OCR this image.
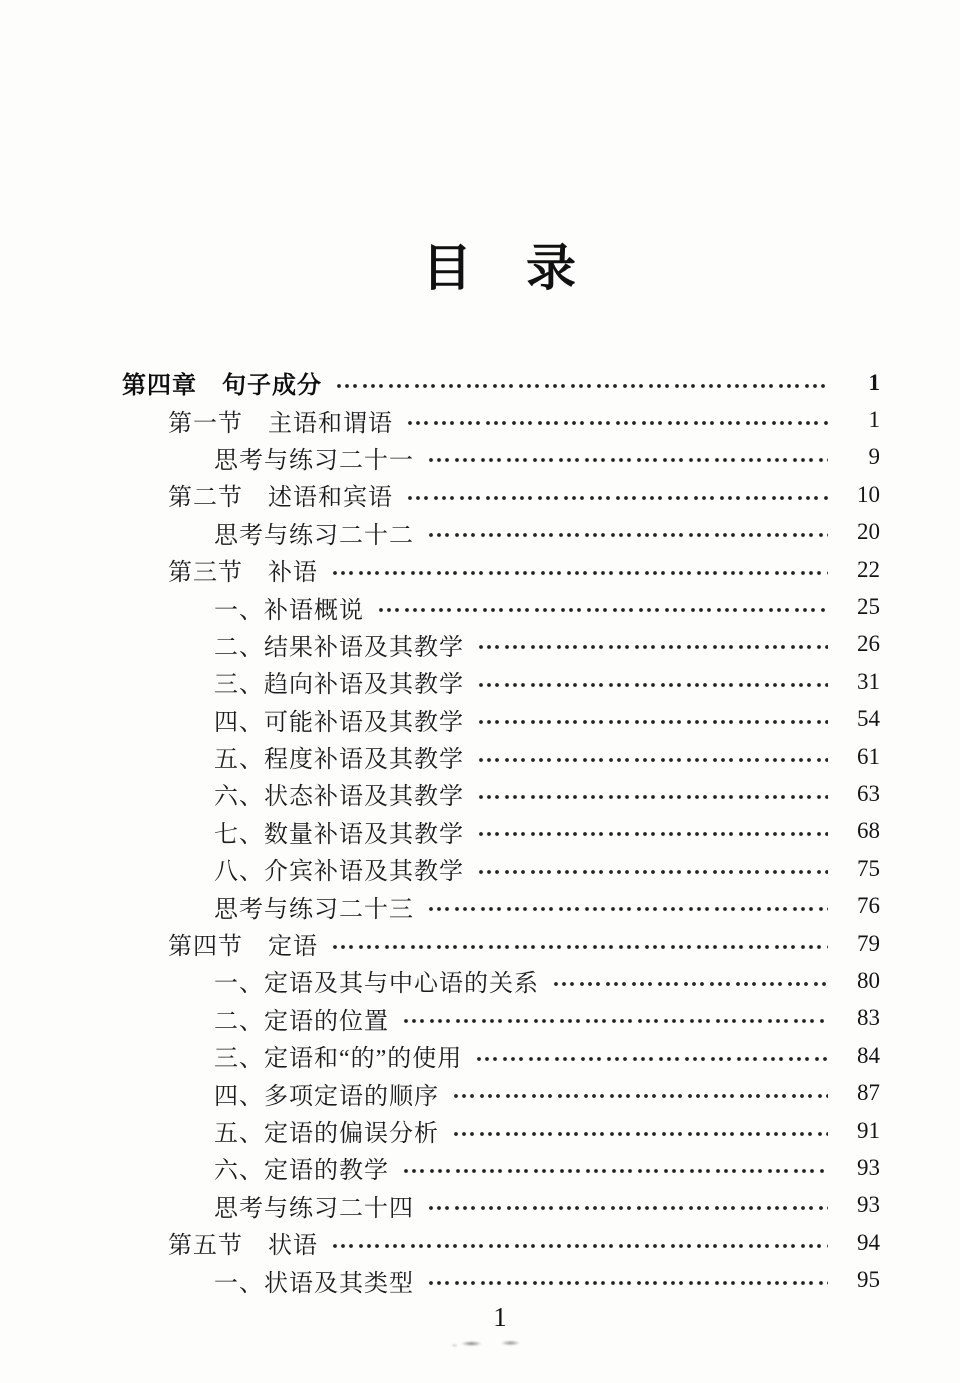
目　录
第四章　句子成分	1
第一节　主语和谓语	1
思考与练习二十一	9
第二节　述语和宾语	10
思考与练习二十二	20
第三节　补语	22
一、补语概说	25
二、结果补语及其教学	26
三、趋向补语及其教学	31
四、可能补语及其教学	54
五、程度补语及其教学	61
六、状态补语及其教学	63
七、数量补语及其教学	68
八、介宾补语及其教学	75
思考与练习二十三	76
第四节　定语	79
一、定语及其与中心语的关系	80
二、定语的位置	83
三、定语和“的”的使用	84
四、多项定语的顺序	87
五、定语的偏误分析	91
六、定语的教学	93
思考与练习二十四	93
第五节　状语	94
一、状语及其类型	95
1
